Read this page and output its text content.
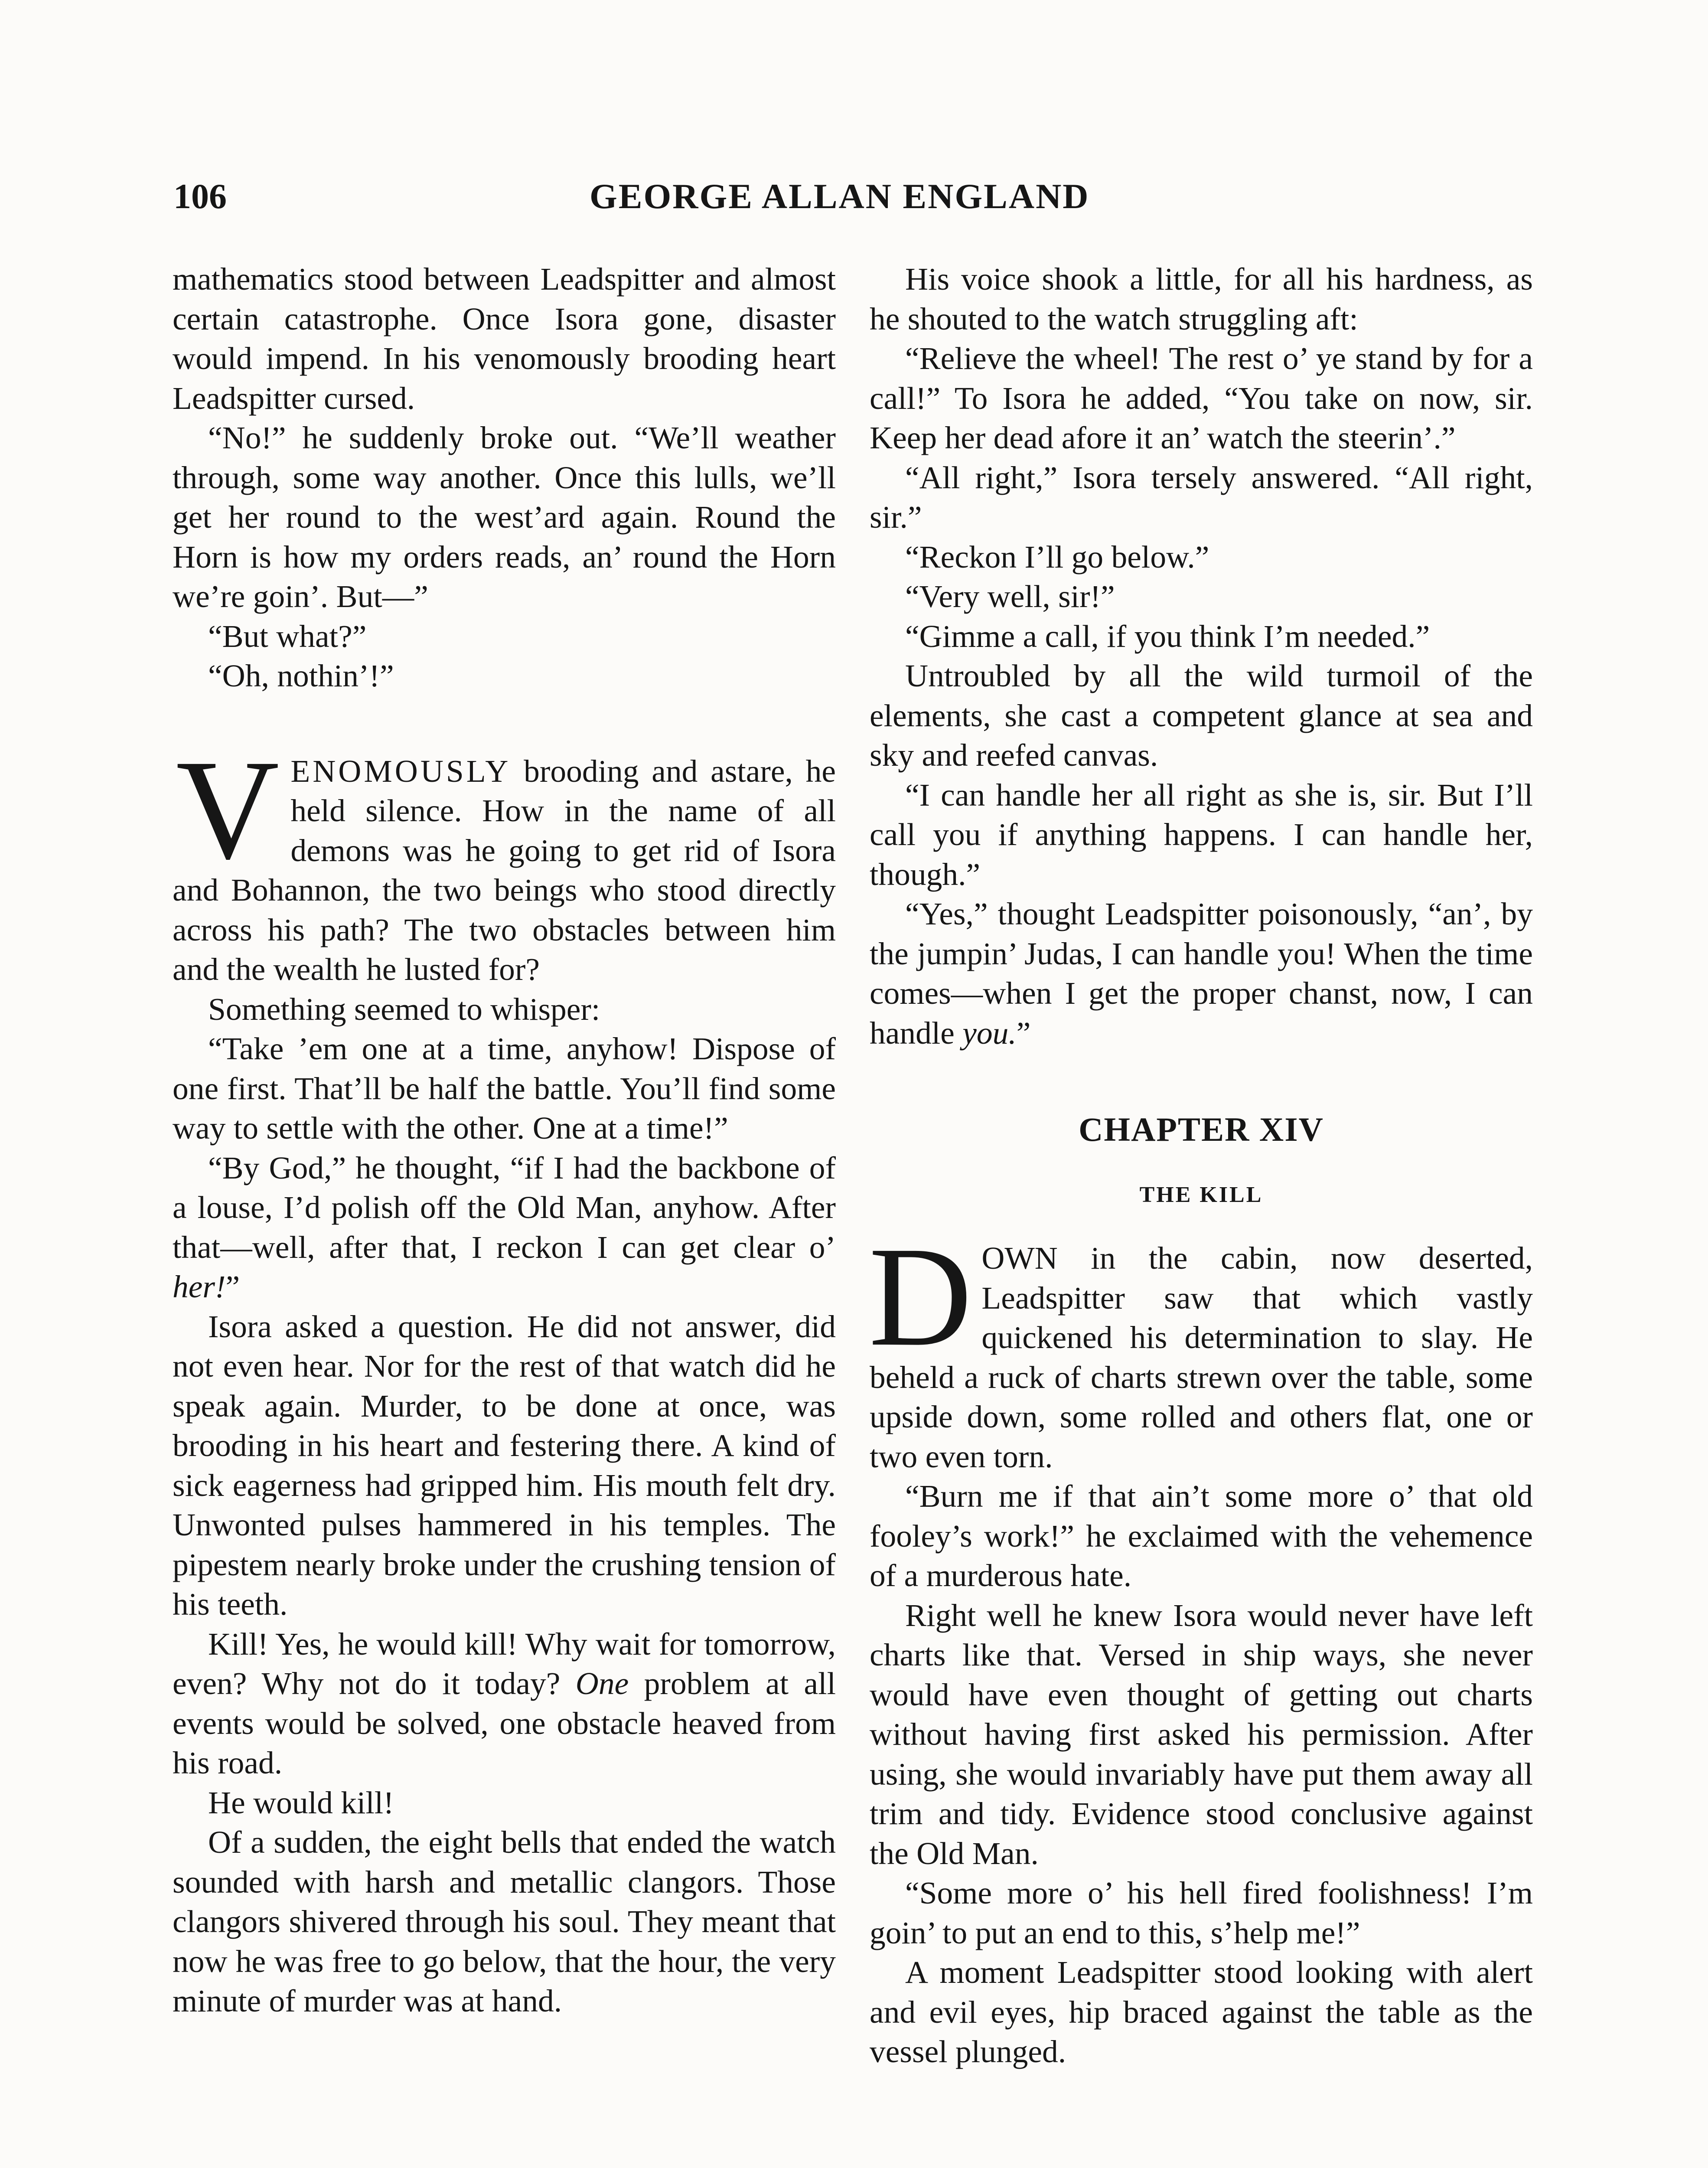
106	GEORGE ALLAN ENGLAND

mathematics stood between Leadspitter and almost certain catastrophe. Once Isora gone, disaster would impend. In his venomously brooding heart Leadspitter cursed.

“No!” he suddenly broke out. “We’ll weather through, some way another. Once this lulls, we’ll get her round to the west’ard again. Round the Horn is how my orders reads, an’ round the Horn we’re goin’. But—”

“But what?”

“Oh, nothin’!”

VENOMOUSLY brooding and astare, he held silence. How in the name of all demons was he going to get rid of Isora and Bohannon, the two beings who stood directly across his path? The two obstacles between him and the wealth he lusted for?

Something seemed to whisper:

“Take ’em one at a time, anyhow! Dispose of one first. That’ll be half the battle. You’ll find some way to settle with the other. One at a time!”

“By God,” he thought, “if I had the backbone of a louse, I’d polish off the Old Man, anyhow. After that—well, after that, I reckon I can get clear o’ her!”

Isora asked a question. He did not answer, did not even hear. Nor for the rest of that watch did he speak again. Murder, to be done at once, was brooding in his heart and festering there. A kind of sick eagerness had gripped him. His mouth felt dry. Unwonted pulses hammered in his temples. The pipestem nearly broke under the crushing tension of his teeth.

Kill! Yes, he would kill! Why wait for tomorrow, even? Why not do it today? One problem at all events would be solved, one obstacle heaved from his road.

He would kill!

Of a sudden, the eight bells that ended the watch sounded with harsh and metallic clangors. Those clangors shivered through his soul. They meant that now he was free to go below, that the hour, the very minute of murder was at hand.

His voice shook a little, for all his hardness, as he shouted to the watch struggling aft:

“Relieve the wheel! The rest o’ ye stand by for a call!” To Isora he added, “You take on now, sir. Keep her dead afore it an’ watch the steerin’.”

“All right,” Isora tersely answered. “All right, sir.”

“Reckon I’ll go below.”

“Very well, sir!”

“Gimme a call, if you think I’m needed.”

Untroubled by all the wild turmoil of the elements, she cast a competent glance at sea and sky and reefed canvas.

“I can handle her all right as she is, sir. But I’ll call you if anything happens. I can handle her, though.”

“Yes,” thought Leadspitter poisonously, “an’, by the jumpin’ Judas, I can handle you! When the time comes—when I get the proper chanst, now, I can handle you.”

CHAPTER XIV
THE KILL

DOWN in the cabin, now deserted, Leadspitter saw that which vastly quickened his determination to slay. He beheld a ruck of charts strewn over the table, some upside down, some rolled and others flat, one or two even torn.

“Burn me if that ain’t some more o’ that old fooley’s work!” he exclaimed with the vehemence of a murderous hate.

Right well he knew Isora would never have left charts like that. Versed in ship ways, she never would have even thought of getting out charts without having first asked his permission. After using, she would invariably have put them away all trim and tidy. Evidence stood conclusive against the Old Man.

“Some more o’ his hell fired foolishness! I’m goin’ to put an end to this, s’help me!”

A moment Leadspitter stood looking with alert and evil eyes, hip braced against the table as the vessel plunged.
